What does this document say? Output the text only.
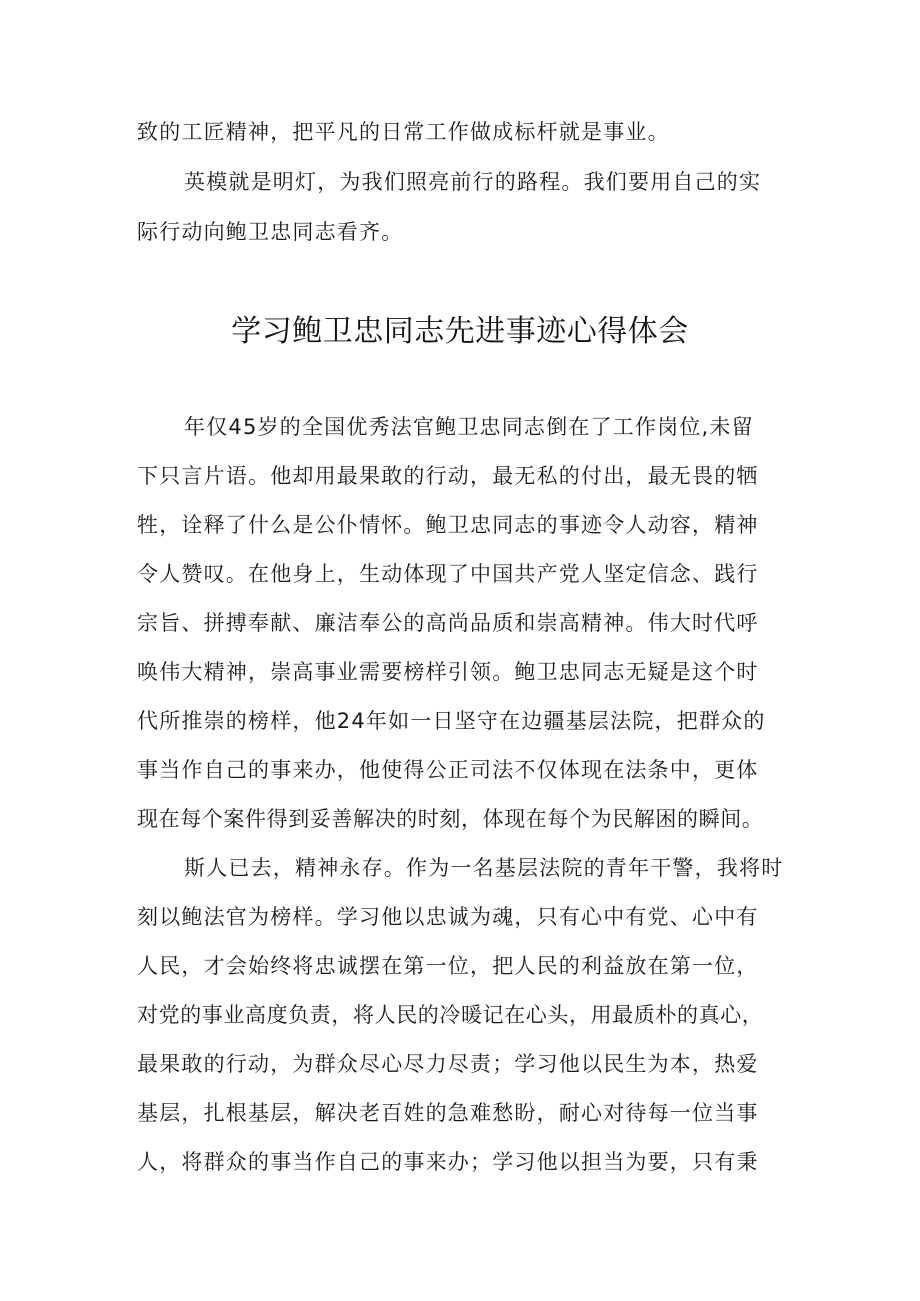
致的工匠精神，把平凡的日常工作做成标杆就是事业。
英模就是明灯，为我们照亮前行的路程。我们要用自己的实
际行动向鲍卫忠同志看齐。
学习鲍卫忠同志先进事迹心得体会
年仅45岁的全国优秀法官鲍卫忠同志倒在了工作岗位,未留
下只言片语。他却用最果敢的行动，最无私的付出，最无畏的牺
牲，诠释了什么是公仆情怀。鲍卫忠同志的事迹令人动容，精神
令人赞叹。在他身上，生动体现了中国共产党人坚定信念、践行
宗旨、拼搏奉献、廉洁奉公的高尚品质和崇高精神。伟大时代呼
唤伟大精神，崇高事业需要榜样引领。鲍卫忠同志无疑是这个时
代所推崇的榜样，他24年如一日坚守在边疆基层法院，把群众的
事当作自己的事来办，他使得公正司法不仅体现在法条中，更体
现在每个案件得到妥善解决的时刻，体现在每个为民解困的瞬间。
斯人已去，精神永存。作为一名基层法院的青年干警，我将时
刻以鲍法官为榜样。学习他以忠诚为魂，只有心中有党、心中有
人民，才会始终将忠诚摆在第一位，把人民的利益放在第一位，
对党的事业高度负责，将人民的冷暖记在心头，用最质朴的真心，
最果敢的行动，为群众尽心尽力尽责；学习他以民生为本，热爱
基层，扎根基层，解决老百姓的急难愁盼，耐心对待每一位当事
人，将群众的事当作自己的事来办；学习他以担当为要，只有秉
